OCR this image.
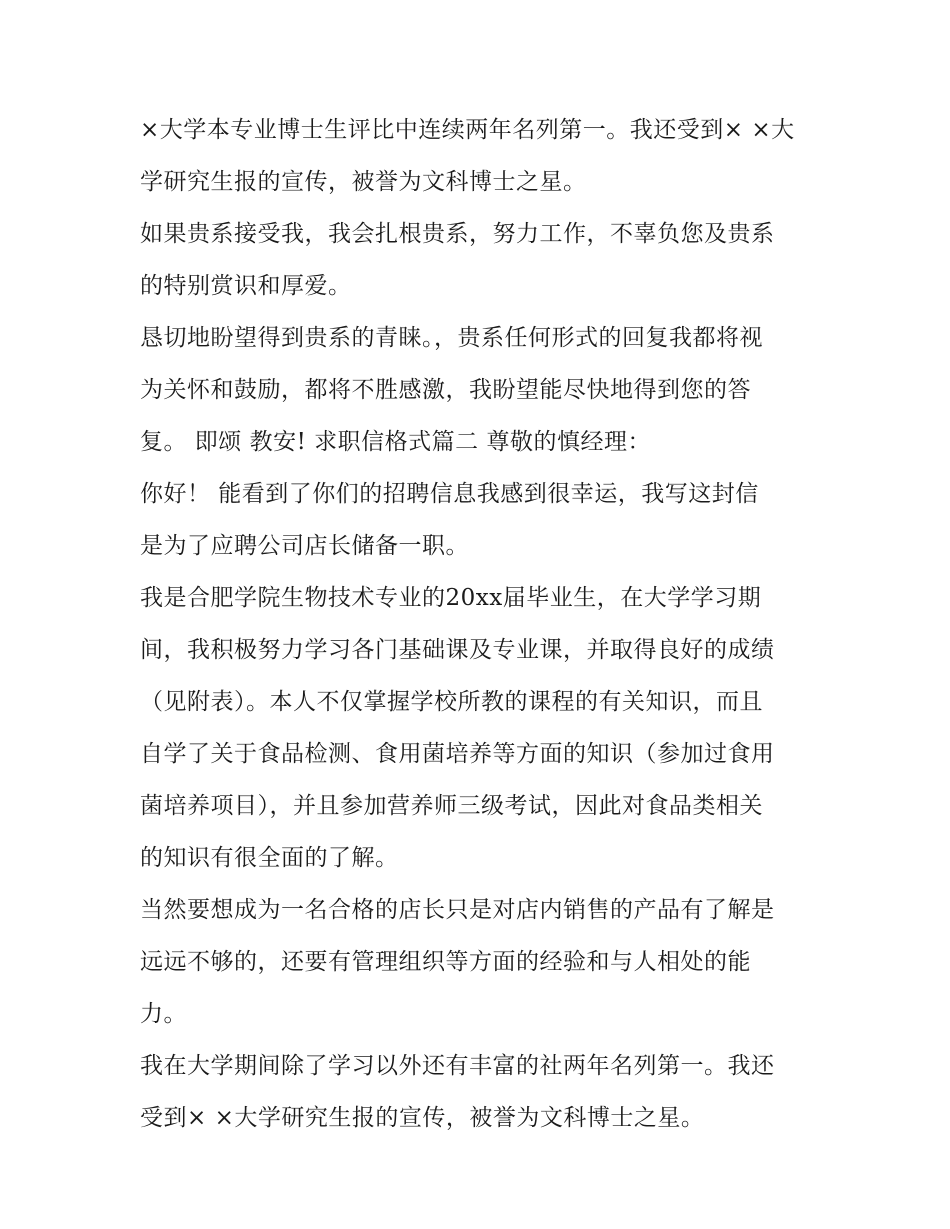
×大学本专业博士生评比中连续两年名列第一。我还受到× ×大
学研究生报的宣传，被誉为文科博士之星。
如果贵系接受我，我会扎根贵系，努力工作，不辜负您及贵系
的特别赏识和厚爱。
恳切地盼望得到贵系的青睐。，贵系任何形式的回复我都将视
为关怀和鼓励，都将不胜感激，我盼望能尽快地得到您的答
复。 即颂 教安! 求职信格式篇二 尊敬的慎经理：
你好！ 能看到了你们的招聘信息我感到很幸运，我写这封信
是为了应聘公司店长储备一职。
我是合肥学院生物技术专业的20xx届毕业生，在大学学习期
间，我积极努力学习各门基础课及专业课，并取得良好的成绩
（见附表）。本人不仅掌握学校所教的课程的有关知识，而且
自学了关于食品检测、食用菌培养等方面的知识（参加过食用
菌培养项目），并且参加营养师三级考试，因此对食品类相关
的知识有很全面的了解。
当然要想成为一名合格的店长只是对店内销售的产品有了解是
远远不够的，还要有管理组织等方面的经验和与人相处的能
力。
我在大学期间除了学习以外还有丰富的社两年名列第一。我还
受到× ×大学研究生报的宣传，被誉为文科博士之星。
